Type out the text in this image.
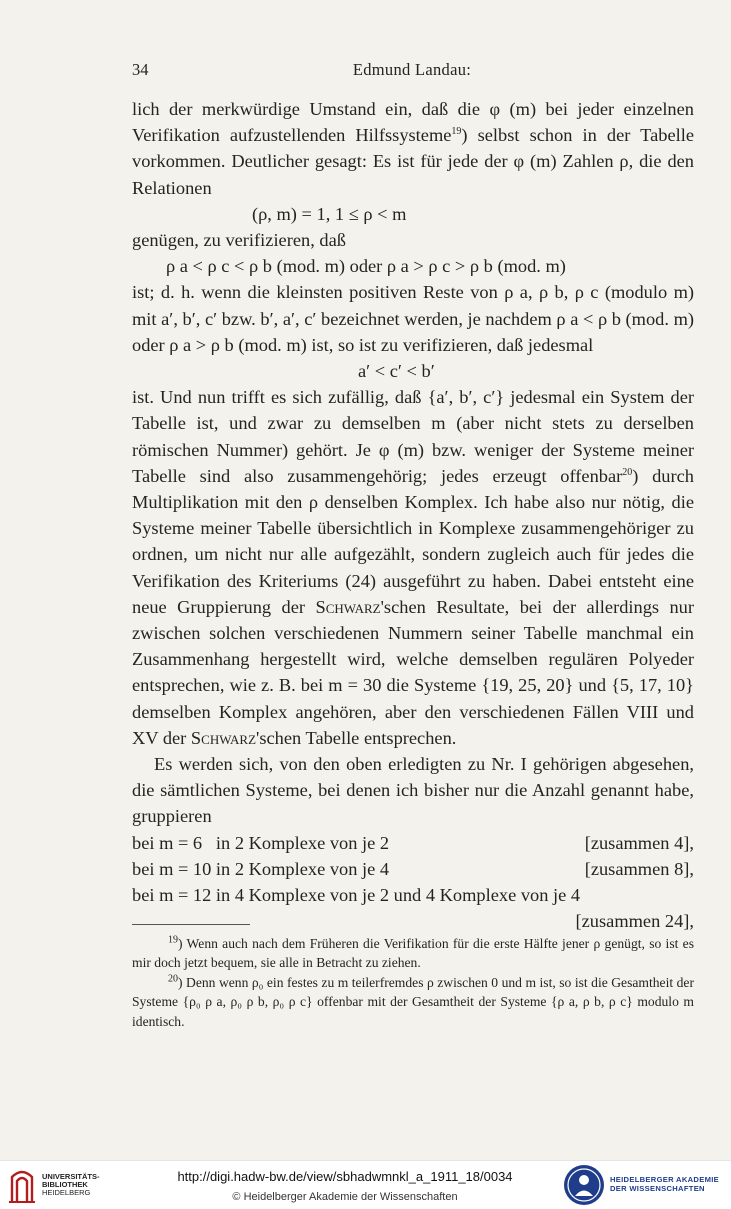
34	Edmund Landau:

lich der merkwürdige Umstand ein, daß die φ (m) bei jeder einzelnen Verifikation aufzustellenden Hilfssysteme$^{19}$) selbst schon in der Tabelle vorkommen. Deutlicher gesagt: Es ist für jede der φ (m) Zahlen ρ, die den Relationen

(ρ, m) = 1, 1 ≤ ρ < m

genügen, zu verifizieren, daß

ρ a < ρ c < ρ b (mod. m) oder ρ a > ρ c > ρ b (mod. m)

ist; d. h. wenn die kleinsten positiven Reste von ρ a, ρ b, ρ c (modulo m) mit a′, b′, c′ bzw. b′, a′, c′ bezeichnet werden, je nachdem ρ a < ρ b (mod. m) oder ρ a > ρ b (mod. m) ist, so ist zu verifizieren, daß jedesmal

a′ < c′ < b′

ist. Und nun trifft es sich zufällig, daß {a′, b′, c′} jedesmal ein System der Tabelle ist, und zwar zu demselben m (aber nicht stets zu derselben römischen Nummer) gehört. Je φ (m) bzw. weniger der Systeme meiner Tabelle sind also zusammengehörig; jedes erzeugt offenbar$^{20}$) durch Multiplikation mit den ρ denselben Komplex. Ich habe also nur nötig, die Systeme meiner Tabelle übersichtlich in Komplexe zusammengehöriger zu ordnen, um nicht nur alle aufgezählt, sondern zugleich auch für jedes die Verifikation des Kriteriums (24) ausgeführt zu haben. Dabei entsteht eine neue Gruppierung der Schwarz'schen Resultate, bei der allerdings nur zwischen solchen verschiedenen Nummern seiner Tabelle manchmal ein Zusammenhang hergestellt wird, welche demselben regulären Polyeder entsprechen, wie z. B. bei m = 30 die Systeme {19, 25, 20} und {5, 17, 10} demselben Komplex angehören, aber den verschiedenen Fällen VIII und XV der Schwarz'schen Tabelle entsprechen.

Es werden sich, von den oben erledigten zu Nr. I gehörigen abgesehen, die sämtlichen Systeme, bei denen ich bisher nur die Anzahl genannt habe, gruppieren

bei m = 6   in 2 Komplexe von je 2	[zusammen 4],
bei m = 10 in 2 Komplexe von je 4	[zusammen 8],
bei m = 12 in 4 Komplexe von je 2 und 4 Komplexe von je 4
[zusammen 24],

$^{19}$) Wenn auch nach dem Früheren die Verifikation für die erste Hälfte jener ρ genügt, so ist es mir doch jetzt bequem, sie alle in Betracht zu ziehen.

$^{20}$) Denn wenn ρ₀ ein festes zu m teilerfremdes ρ zwischen 0 und m ist, so ist die Gesamtheit der Systeme {ρ₀ ρ a, ρ₀ ρ b, ρ₀ ρ c} offenbar mit der Gesamtheit der Systeme {ρ a, ρ b, ρ c} modulo m identisch.

UNIVERSITÄTS-
BIBLIOTHEK
HEIDELBERG
http://digi.hadw-bw.de/view/sbhadwmnkl_a_1911_18/0034
© Heidelberger Akademie der Wissenschaften
HEIDELBERGER AKADEMIE
DER WISSENSCHAFTEN
